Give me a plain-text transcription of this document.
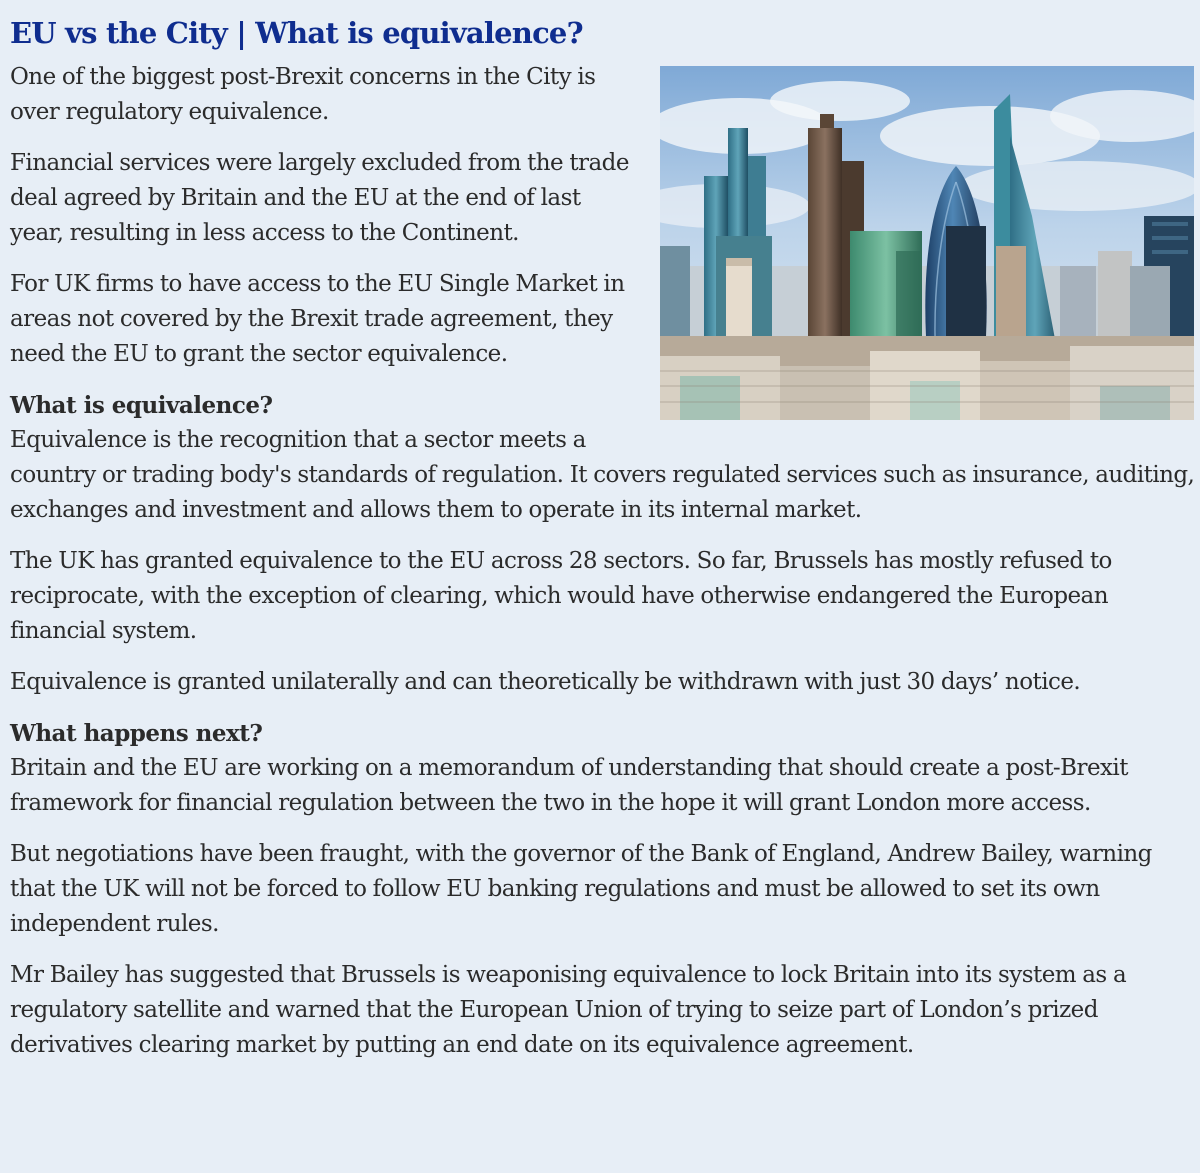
EU vs the City | What is equivalence?

One of the biggest post-Brexit concerns in the City is over regulatory equivalence.

Financial services were largely excluded from the trade deal agreed by Britain and the EU at the end of last year, resulting in less access to the Continent.

For UK firms to have access to the EU Single Market in areas not covered by the Brexit trade agreement, they need the EU to grant the sector equivalence.

What is equivalence?

Equivalence is the recognition that a sector meets a country or trading body's standards of regulation. It covers regulated services such as insurance, auditing, exchanges and investment and allows them to operate in its internal market.

The UK has granted equivalence to the EU across 28 sectors. So far, Brussels has mostly refused to reciprocate, with the exception of clearing, which would have otherwise endangered the European financial system.

Equivalence is granted unilaterally and can theoretically be withdrawn with just 30 days’ notice.

What happens next?

Britain and the EU are working on a memorandum of understanding that should create a post-Brexit framework for financial regulation between the two in the hope it will grant London more access.

But negotiations have been fraught, with the governor of the Bank of England, Andrew Bailey, warning that the UK will not be forced to follow EU banking regulations and must be allowed to set its own independent rules.

Mr Bailey has suggested that Brussels is weaponising equivalence to lock Britain into its system as a regulatory satellite and warned that the European Union of trying to seize part of London’s prized derivatives clearing market by putting an end date on its equivalence agreement.
